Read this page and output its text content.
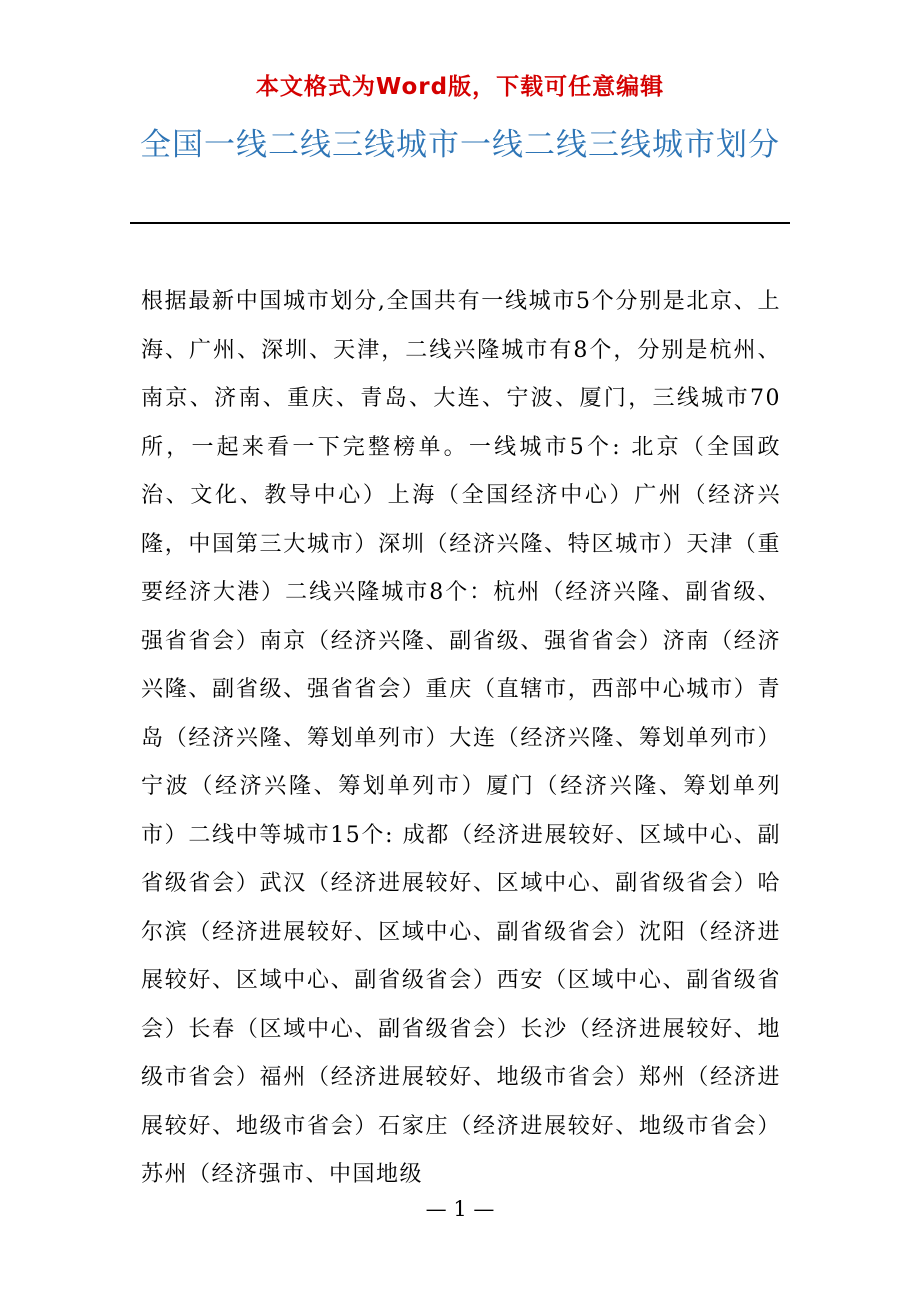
本文格式为Word版，下载可任意编辑
全国一线二线三线城市一线二线三线城市划分
根据最新中国城市划分,全国共有一线城市5个分别是北京、上海、广州、深圳、天津，二线兴隆城市有8个，分别是杭州、南京、济南、重庆、青岛、大连、宁波、厦门，三线城市70所，一起来看一下完整榜单。一线城市5个: 北京（全国政治、文化、教导中心）上海（全国经济中心）广州（经济兴隆，中国第三大城市）深圳（经济兴隆、特区城市）天津（重要经济大港）二线兴隆城市8个：杭州（经济兴隆、副省级、强省省会）南京（经济兴隆、副省级、强省省会）济南（经济兴隆、副省级、强省省会）重庆（直辖市，西部中心城市）青岛（经济兴隆、筹划单列市）大连（经济兴隆、筹划单列市）宁波（经济兴隆、筹划单列市）厦门（经济兴隆、筹划单列市）二线中等城市15个: 成都（经济进展较好、区域中心、副省级省会）武汉（经济进展较好、区域中心、副省级省会）哈尔滨（经济进展较好、区域中心、副省级省会）沈阳（经济进展较好、区域中心、副省级省会）西安（区域中心、副省级省会）长春（区域中心、副省级省会）长沙（经济进展较好、地级市省会）福州（经济进展较好、地级市省会）郑州（经济进展较好、地级市省会）石家庄（经济进展较好、地级市省会）苏州（经济强市、中国地级
— 1 —
